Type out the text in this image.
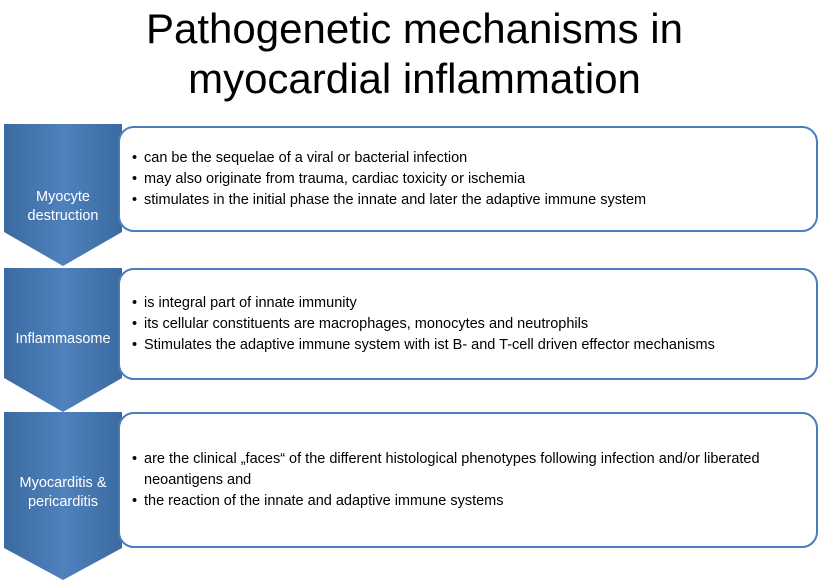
Pathogenetic mechanisms in
myocardial inflammation
Myocyte
destruction
Inflammasome
Myocarditis &
pericarditis
• can be the sequelae of a viral or bacterial infection
• may also originate from trauma, cardiac toxicity or ischemia
• stimulates in the initial phase the innate and later the adaptive immune system
• is integral part of innate immunity
• its cellular constituents are macrophages, monocytes and neutrophils
• Stimulates the adaptive immune system with ist B- and T-cell driven effector mechanisms
• are the clinical „faces“ of the different histological phenotypes following infection and/or liberated neoantigens and
• the reaction of the innate and adaptive immune systems
